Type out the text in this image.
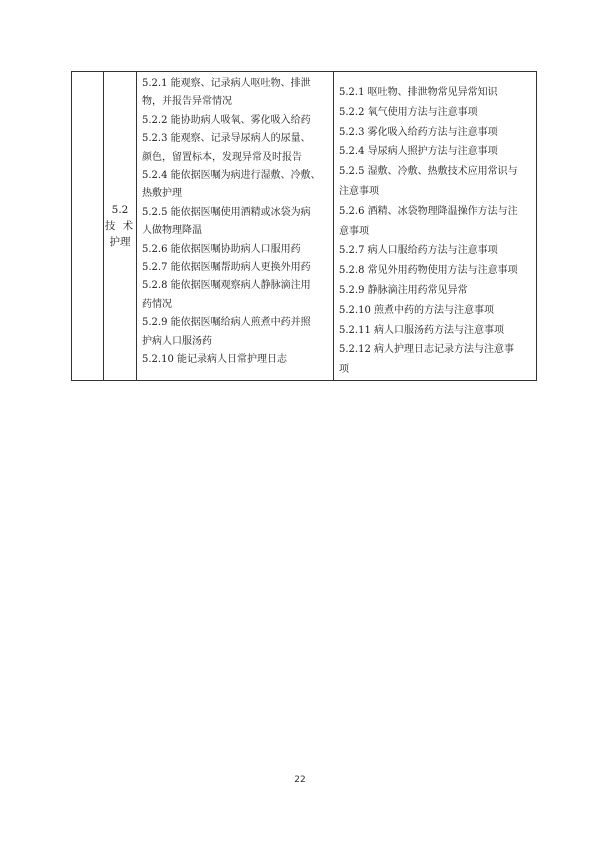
5.2
技 术
护理

5.2.1 能观察、记录病人呕吐物、排泄
物，并报告异常情况
5.2.2 能协助病人吸氧、雾化吸入给药
5.2.3 能观察、记录导尿病人的尿量、
颜色，留置标本，发现异常及时报告
5.2.4 能依据医嘱为病进行湿敷、冷敷、
热敷护理
5.2.5 能依据医嘱使用酒精或冰袋为病
人做物理降温
5.2.6 能依据医嘱协助病人口服用药
5.2.7 能依据医嘱帮助病人更换外用药
5.2.8 能依据医嘱观察病人静脉滴注用
药情况
5.2.9 能依据医嘱给病人煎煮中药并照
护病人口服汤药
5.2.10 能记录病人日常护理日志

5.2.1 呕吐物、排泄物常见异常知识
5.2.2 氧气使用方法与注意事项
5.2.3 雾化吸入给药方法与注意事项
5.2.4 导尿病人照护方法与注意事项
5.2.5 湿敷、冷敷、热敷技术应用常识与
注意事项
5.2.6 酒精、冰袋物理降温操作方法与注
意事项
5.2.7 病人口服给药方法与注意事项
5.2.8 常见外用药物使用方法与注意事项
5.2.9 静脉滴注用药常见异常
5.2.10 煎煮中药的方法与注意事项
5.2.11 病人口服汤药方法与注意事项
5.2.12 病人护理日志记录方法与注意事
项
22
